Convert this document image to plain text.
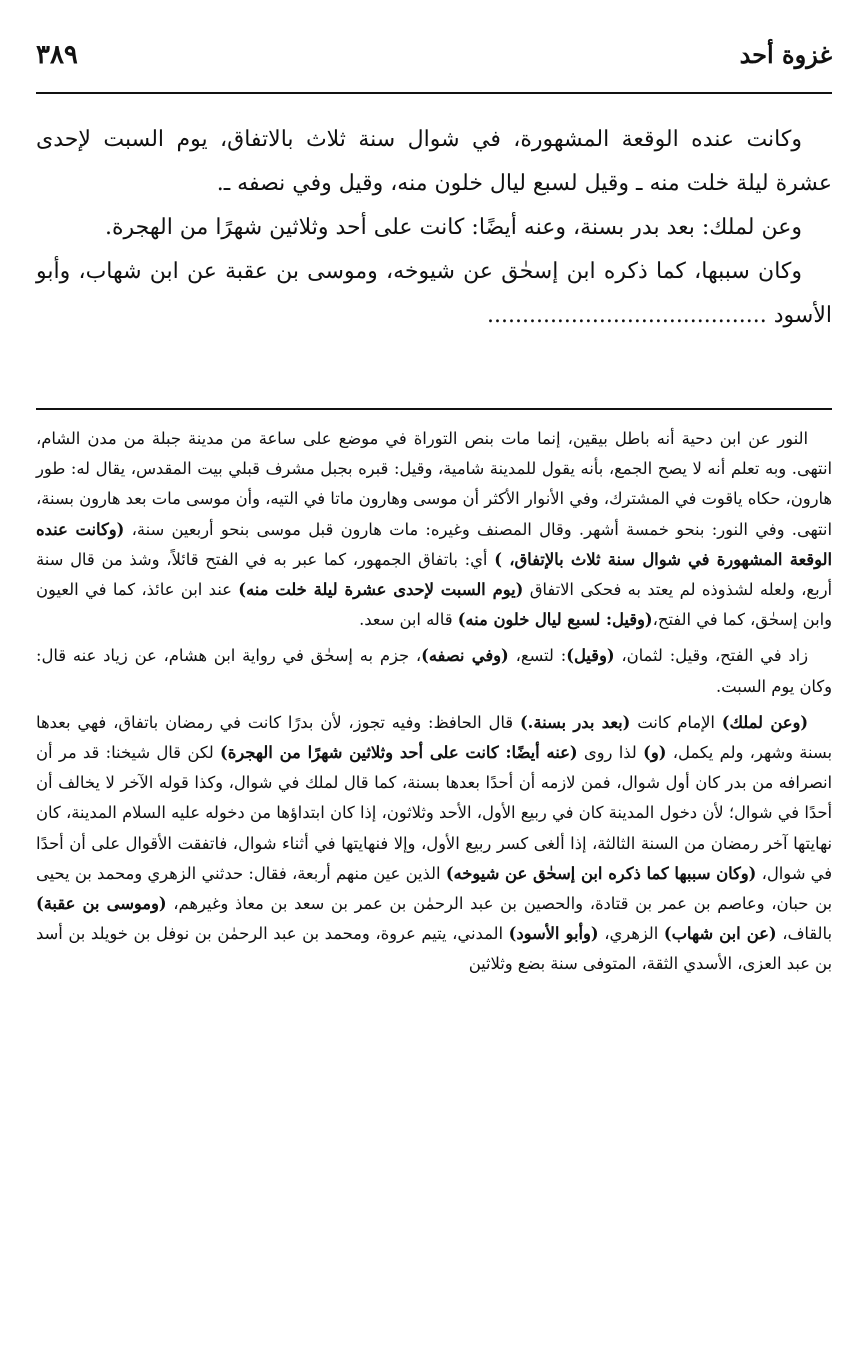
غزوة أحد
٣٨٩

وكانت عنده الوقعة المشهورة، في شوال سنة ثلاث بالاتفاق، يوم السبت لإحدى عشرة ليلة خلت منه ـ وقيل لسبع ليال خلون منه، وقيل وفي نصفه ـ.

وعن لملك: بعد بدر بسنة، وعنه أيضًا: كانت على أحد وثلاثين شهرًا من الهجرة.

وكان سببها، كما ذكره ابن إسحٰق عن شيوخه، وموسى بن عقبة عن ابن شهاب، وأبو الأسود ........................................

النور عن ابن دحية أنه باطل بيقين، إنما مات بنص التوراة في موضع على ساعة من مدينة جبلة من مدن الشام، انتهى. وبه تعلم أنه لا يصح الجمع، بأنه يقول للمدينة شامية، وقيل: قبره بجبل مشرف قبلي بيت المقدس، يقال له: طور هارون، حكاه ياقوت في المشترك، وفي الأنوار الأكثر أن موسى وهارون ماتا في التيه، وأن موسى مات بعد هارون بسنة، انتهى. وفي النور: بنحو خمسة أشهر. وقال المصنف وغيره: مات هارون قبل موسى بنحو أربعين سنة، (وكانت عنده الوقعة المشهورة في شوال سنة ثلاث بالإتفاق، ) أي: باتفاق الجمهور، كما عبر به في الفتح قائلاً، وشذ من قال سنة أربع، ولعله لشذوذه لم يعتد به فحكى الاتفاق (يوم السبت لإحدى عشرة ليلة خلت منه) عند ابن عائذ، كما في العيون وابن إسحٰق، كما في الفتح،(وقيل: لسبع ليال خلون منه) قاله ابن سعد.

زاد في الفتح، وقيل: لثمان، (وقيل): لتسع، (وفي نصفه)، جزم به إسحٰق في رواية ابن هشام، عن زياد عنه قال: وكان يوم السبت.

(وعن لملك) الإمام كانت (بعد بدر بسنة.) قال الحافظ: وفيه تجوز، لأن بدرًا كانت في رمضان باتفاق، فهي بعدها بسنة وشهر، ولم يكمل، (و) لذا روى (عنه أيضًا: كانت على أحد وثلاثين شهرًا من الهجرة) لكن قال شيخنا: قد مر أن انصرافه من بدر كان أول شوال، فمن لازمه أن أحدًا بعدها بسنة، كما قال لملك في شوال، وكذا قوله الآخر لا يخالف أن أحدًا في شوال؛ لأن دخول المدينة كان في ربيع الأول، الأحد وثلاثون، إذا كان ابتداؤها من دخوله عليه السلام المدينة، كان نهايتها آخر رمضان من السنة الثالثة، إذا ألغى كسر ربيع الأول، وإلا فنهايتها في أثناء شوال، فاتفقت الأقوال على أن أحدًا في شوال، (وكان سببها كما ذكره ابن إسحٰق عن شيوخه) الذين عين منهم أربعة، فقال: حدثني الزهري ومحمد بن يحيى بن حبان، وعاصم بن عمر بن قتادة، والحصين بن عبد الرحمٰن بن عمر بن سعد بن معاذ وغيرهم، (وموسى بن عقبة) بالقاف، (عن ابن شهاب) الزهري، (وأبو الأسود) المدني، يتيم عروة، ومحمد بن عبد الرحمٰن بن نوفل بن خويلد بن أسد بن عبد العزى، الأسدي الثقة، المتوفى سنة بضع وثلاثين
